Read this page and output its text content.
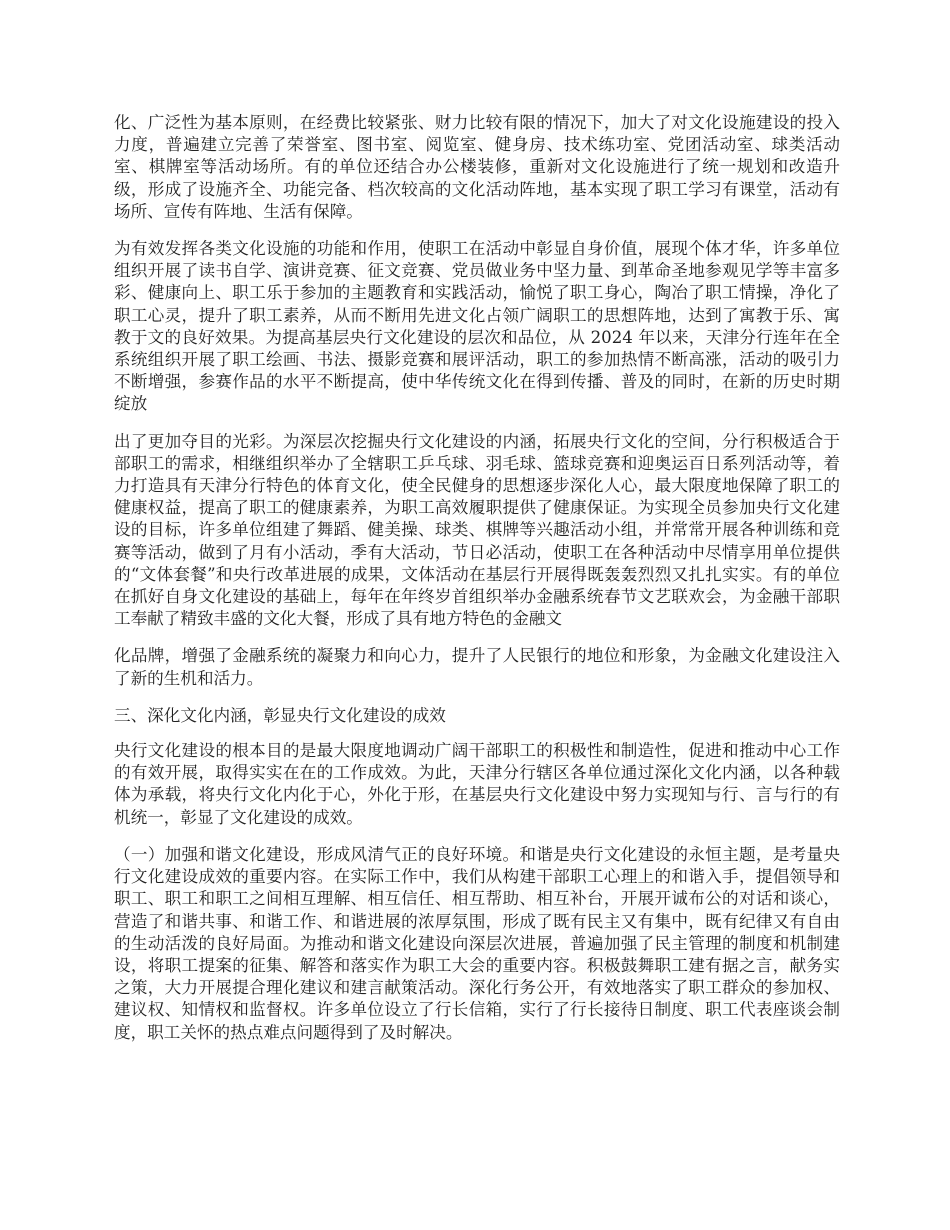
化、广泛性为基本原则，在经费比较紧张、财力比较有限的情况下，加大了对文化设施建设的投入力度，普遍建立完善了荣誉室、图书室、阅览室、健身房、技术练功室、党团活动室、球类活动室、棋牌室等活动场所。有的单位还结合办公楼装修，重新对文化设施进行了统一规划和改造升级，形成了设施齐全、功能完备、档次较高的文化活动阵地，基本实现了职工学习有课堂，活动有场所、宣传有阵地、生活有保障。

为有效发挥各类文化设施的功能和作用，使职工在活动中彰显自身价值，展现个体才华，许多单位组织开展了读书自学、演讲竞赛、征文竞赛、党员做业务中坚力量、到革命圣地参观见学等丰富多彩、健康向上、职工乐于参加的主题教育和实践活动，愉悦了职工身心，陶冶了职工情操，净化了职工心灵，提升了职工素养，从而不断用先进文化占领广阔职工的思想阵地，达到了寓教于乐、寓教于文的良好效果。为提高基层央行文化建设的层次和品位，从 2024 年以来，天津分行连年在全系统组织开展了职工绘画、书法、摄影竞赛和展评活动，职工的参加热情不断高涨，活动的吸引力不断增强，参赛作品的水平不断提高，使中华传统文化在得到传播、普及的同时，在新的历史时期绽放

出了更加夺目的光彩。为深层次挖掘央行文化建设的内涵，拓展央行文化的空间，分行积极适合于部职工的需求，相继组织举办了全辖职工乒乓球、羽毛球、篮球竞赛和迎奥运百日系列活动等，着力打造具有天津分行特色的体育文化，使全民健身的思想逐步深化人心，最大限度地保障了职工的健康权益，提高了职工的健康素养，为职工高效履职提供了健康保证。为实现全员参加央行文化建设的目标，许多单位组建了舞蹈、健美操、球类、棋牌等兴趣活动小组，并常常开展各种训练和竞赛等活动，做到了月有小活动，季有大活动，节日必活动，使职工在各种活动中尽情享用单位提供的“文体套餐”和央行改革进展的成果，文体活动在基层行开展得既轰轰烈烈又扎扎实实。有的单位在抓好自身文化建设的基础上，每年在年终岁首组织举办金融系统春节文艺联欢会，为金融干部职工奉献了精致丰盛的文化大餐，形成了具有地方特色的金融文

化品牌，增强了金融系统的凝聚力和向心力，提升了人民银行的地位和形象，为金融文化建设注入了新的生机和活力。

三、深化文化内涵，彰显央行文化建设的成效

央行文化建设的根本目的是最大限度地调动广阔干部职工的积极性和制造性，促进和推动中心工作的有效开展，取得实实在在的工作成效。为此，天津分行辖区各单位通过深化文化内涵，以各种载体为承载，将央行文化内化于心，外化于形，在基层央行文化建设中努力实现知与行、言与行的有机统一，彰显了文化建设的成效。

（一）加强和谐文化建设，形成风清气正的良好环境。和谐是央行文化建设的永恒主题，是考量央行文化建设成效的重要内容。在实际工作中，我们从构建干部职工心理上的和谐入手，提倡领导和职工、职工和职工之间相互理解、相互信任、相互帮助、相互补台，开展开诚布公的对话和谈心，营造了和谐共事、和谐工作、和谐进展的浓厚氛围，形成了既有民主又有集中，既有纪律又有自由的生动活泼的良好局面。为推动和谐文化建设向深层次进展，普遍加强了民主管理的制度和机制建设，将职工提案的征集、解答和落实作为职工大会的重要内容。积极鼓舞职工建有据之言，献务实之策，大力开展提合理化建议和建言献策活动。深化行务公开，有效地落实了职工群众的参加权、建议权、知情权和监督权。许多单位设立了行长信箱，实行了行长接待日制度、职工代表座谈会制度，职工关怀的热点难点问题得到了及时解决。
